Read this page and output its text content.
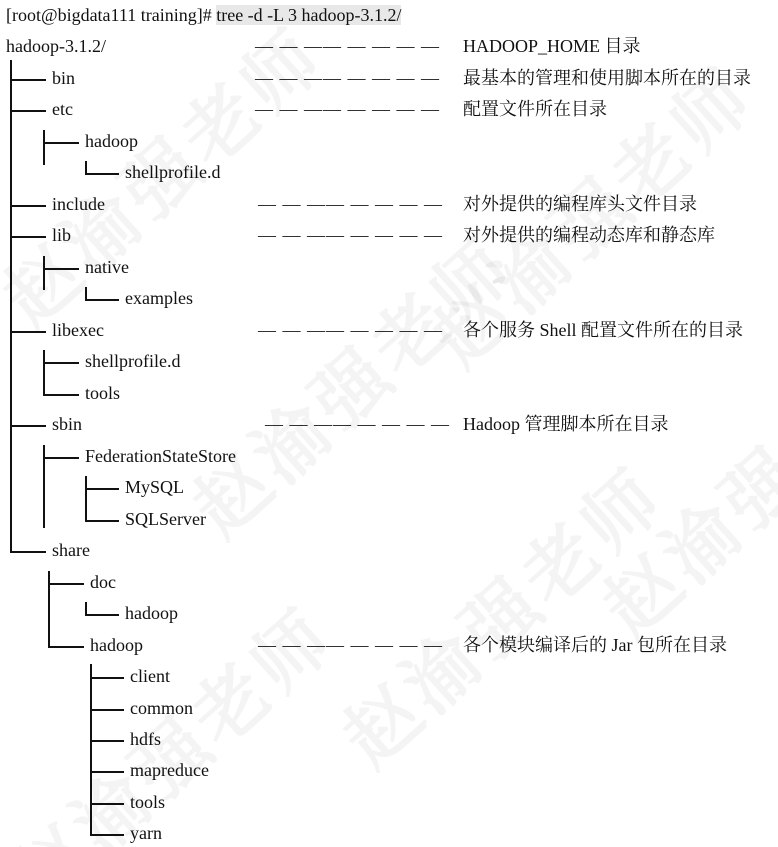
[root@bigdata111 training]# tree -d -L 3 hadoop-3.1.2/
hadoop-3.1.2/	— — —— — — — — HADOOP_HOME 目录
bin	— — —— — — — — 最基本的管理和使用脚本所在的目录
etc	— — —— — — — — 配置文件所在目录
hadoop
shellprofile.d
include	— — —— — — — — 对外提供的编程库头文件目录
lib	— — —— — — — — 对外提供的编程动态库和静态库
native
examples
libexec	— — —— — — — — 各个服务 Shell 配置文件所在的目录
shellprofile.d
tools
sbin	— — —— — — — — Hadoop 管理脚本所在目录
FederationStateStore
MySQL
SQLServer
share
doc
hadoop
hadoop	— — —— — — — — 各个模块编译后的 Jar 包所在目录
client
common
hdfs
mapreduce
tools
yarn
